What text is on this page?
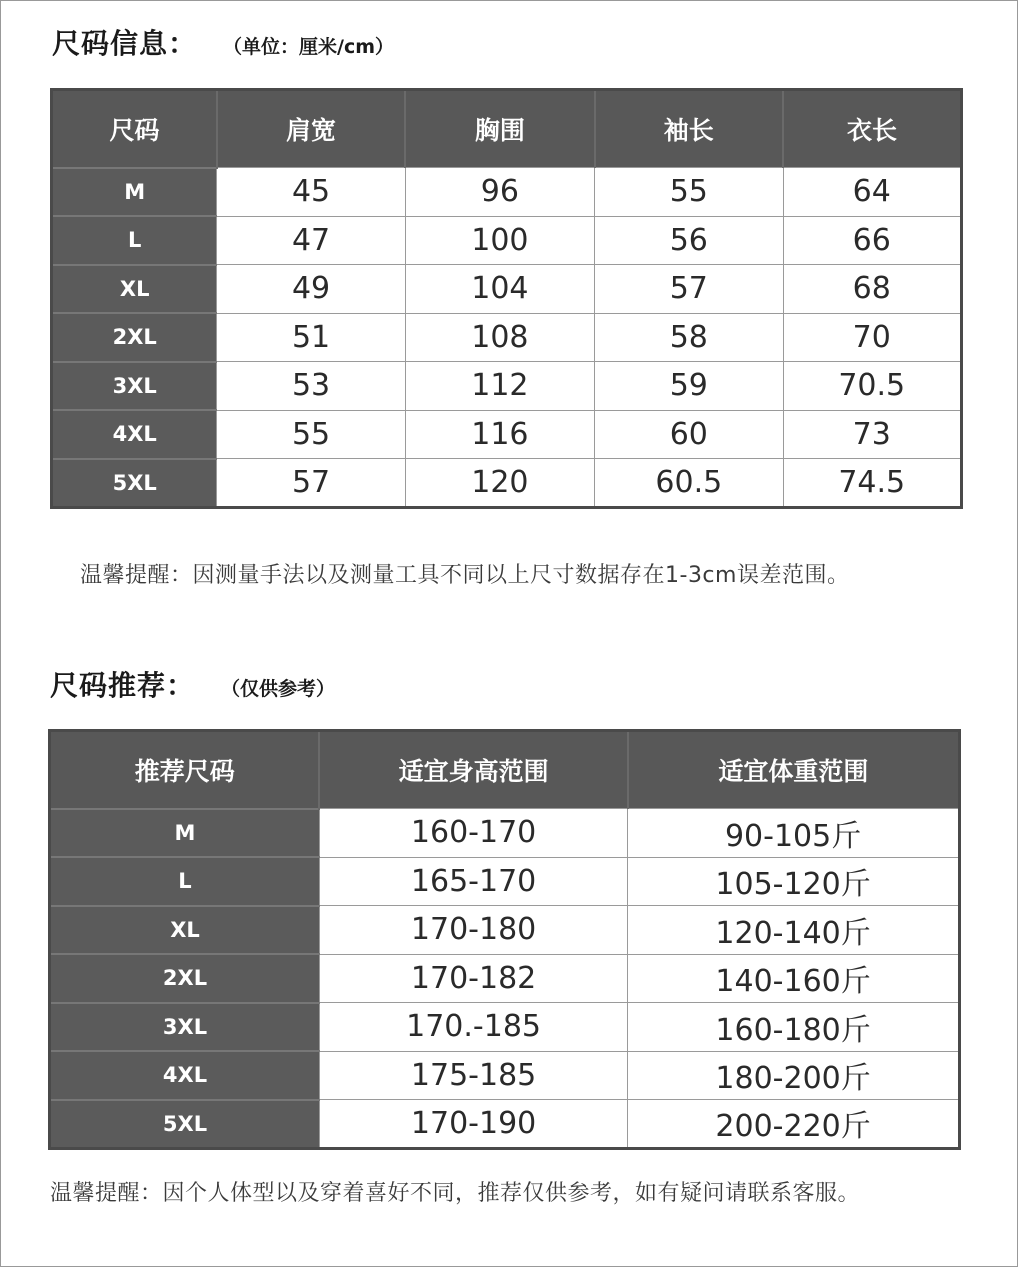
尺码信息： （单位：厘米/cm）
尺码	肩宽	胸围	袖长	衣长
M	45	96	55	64
L	47	100	56	66
XL	49	104	57	68
2XL	51	108	58	70
3XL	53	112	59	70.5
4XL	55	116	60	73
5XL	57	120	60.5	74.5
温馨提醒：因测量手法以及测量工具不同以上尺寸数据存在1-3cm误差范围。
尺码推荐： （仅供参考）
推荐尺码	适宜身高范围	适宜体重范围
M	160-170	90-105斤
L	165-170	105-120斤
XL	170-180	120-140斤
2XL	170-182	140-160斤
3XL	170.-185	160-180斤
4XL	175-185	180-200斤
5XL	170-190	200-220斤
温馨提醒：因个人体型以及穿着喜好不同，推荐仅供参考，如有疑问请联系客服。
